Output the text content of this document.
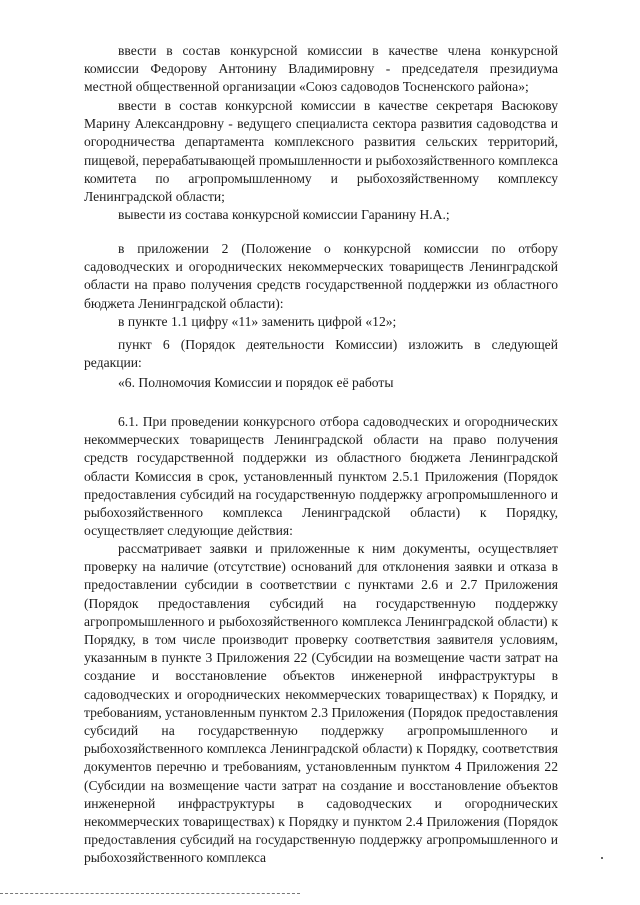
ввести в состав конкурсной комиссии в качестве члена конкурсной комиссии Федорову Антонину Владимировну - председателя президиума местной общественной организации «Союз садоводов Тосненского района»;

ввести в состав конкурсной комиссии в качестве секретаря Васюкову Марину Александровну - ведущего специалиста сектора развития садоводства и огородничества департамента комплексного развития сельских территорий, пищевой, перерабатывающей промышленности и рыбохозяйственного комплекса комитета по агропромышленному и рыбохозяйственному комплексу Ленинградской области;

вывести из состава конкурсной комиссии Гаранину Н.А.;

в приложении 2 (Положение о конкурсной комиссии по отбору садоводческих и огороднических некоммерческих товариществ Ленинградской области на право получения средств государственной поддержки из областного бюджета Ленинградской области):

в пункте 1.1 цифру «11» заменить цифрой «12»;

пункт 6 (Порядок деятельности Комиссии) изложить в следующей редакции:

«6. Полномочия Комиссии и порядок её работы

6.1. При проведении конкурсного отбора садоводческих и огороднических некоммерческих товариществ Ленинградской области на право получения средств государственной поддержки из областного бюджета Ленинградской области Комиссия в срок, установленный пунктом 2.5.1 Приложения (Порядок предоставления субсидий на государственную поддержку агропромышленного и рыбохозяйственного комплекса Ленинградской области) к Порядку, осуществляет следующие действия:

рассматривает заявки и приложенные к ним документы, осуществляет проверку на наличие (отсутствие) оснований для отклонения заявки и отказа в предоставлении субсидии в соответствии с пунктами 2.6 и 2.7 Приложения (Порядок предоставления субсидий на государственную поддержку агропромышленного и рыбохозяйственного комплекса Ленинградской области) к Порядку, в том числе производит проверку соответствия заявителя условиям, указанным в пункте 3 Приложения 22 (Субсидии на возмещение части затрат на создание и восстановление объектов инженерной инфраструктуры в садоводческих и огороднических некоммерческих товариществах) к Порядку, и требованиям, установленным пунктом 2.3 Приложения (Порядок предоставления субсидий на государственную поддержку агропромышленного и рыбохозяйственного комплекса Ленинградской области) к Порядку, соответствия документов перечню и требованиям, установленным пунктом 4 Приложения 22 (Субсидии на возмещение части затрат на создание и восстановление объектов инженерной инфраструктуры в садоводческих и огороднических некоммерческих товариществах) к Порядку и пунктом 2.4 Приложения (Порядок предоставления субсидий на государственную поддержку агропромышленного и рыбохозяйственного комплекса
